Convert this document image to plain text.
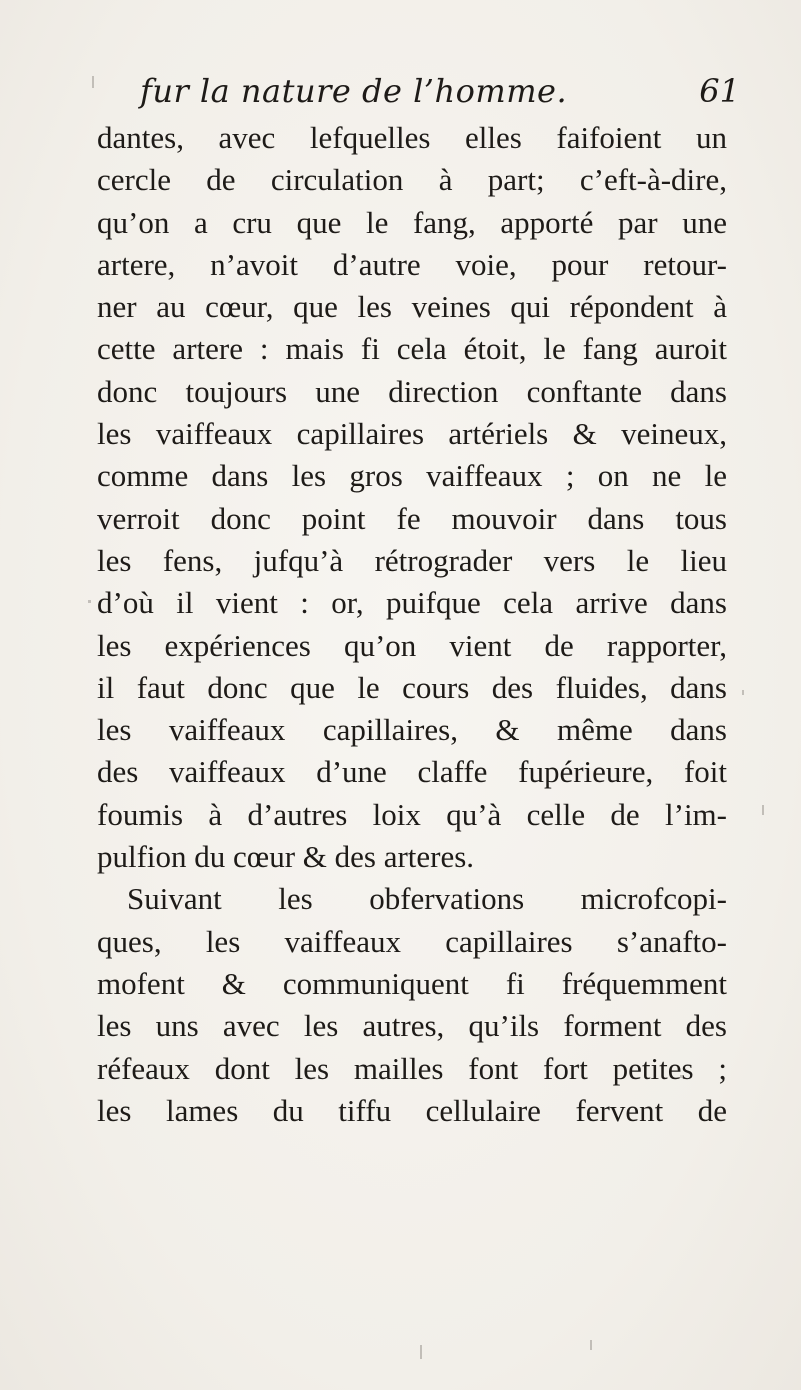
fur la nature de l’homme.	61
dantes, avec lefquelles elles faifoient un
cercle de circulation à part; c’eft-à-dire,
qu’on a cru que le fang, apporté par une
artere, n’avoit d’autre voie, pour retour-
ner au cœur, que les veines qui répondent à
cette artere : mais fi cela étoit, le fang auroit
donc toujours une direction conftante dans
les vaiffeaux capillaires artériels & veineux,
comme dans les gros vaiffeaux ; on ne le
verroit donc point fe mouvoir dans tous
les fens, jufqu’à rétrograder vers le lieu
d’où il vient : or, puifque cela arrive dans
les expériences qu’on vient de rapporter,
il faut donc que le cours des fluides, dans
les vaiffeaux capillaires, & même dans
des vaiffeaux d’une claffe fupérieure, foit
foumis à d’autres loix qu’à celle de l’im-
pulfion du cœur & des arteres.
Suivant les obfervations microfcopi-
ques, les vaiffeaux capillaires s’anafto-
mofent & communiquent fi fréquemment
les uns avec les autres, qu’ils forment des
réfeaux dont les mailles font fort petites ;
les lames du tiffu cellulaire fervent de
